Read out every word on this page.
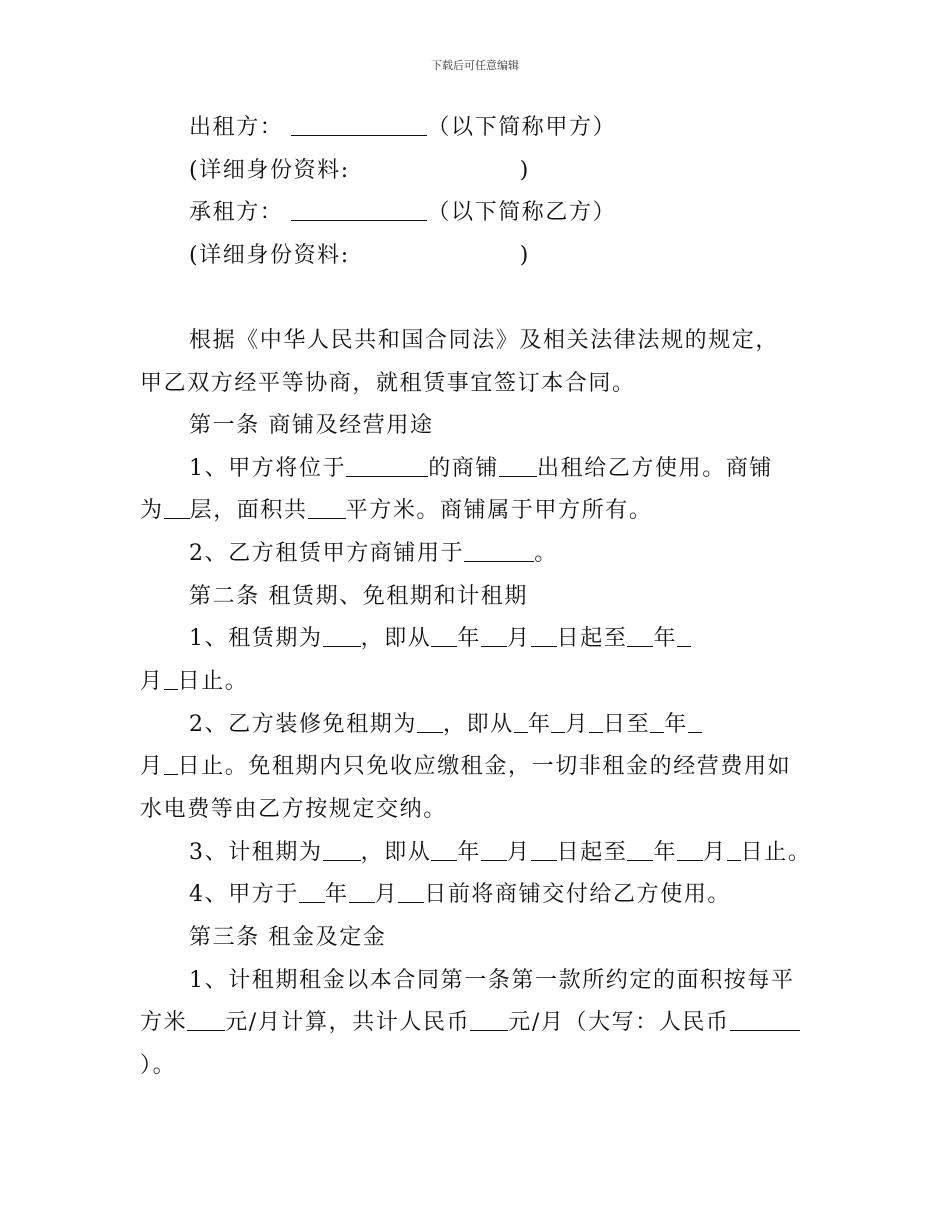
下载后可任意编辑
出租方：	（以下简称甲方）
(详细身份资料:	)
承租方：	（以下简称乙方）
(详细身份资料:	)
根据《中华人民共和国合同法》及相关法律法规的规定，
甲乙双方经平等协商，就租赁事宜签订本合同。
第一条 商铺及经营用途
1、甲方将位于	的商铺 出租给乙方使用。商铺
为 层，面积共 平方米。商铺属于甲方所有。
2、乙方租赁甲方商铺用于	。
第二条 租赁期、免租期和计租期
1、租赁期为 ，即从 年 月 日起至 年
月 日止。
2、乙方装修免租期为 ，即从 年 月 日至 年
月 日止。免租期内只免收应缴租金，一切非租金的经营费用如
水电费等由乙方按规定交纳。
3、计租期为 ，即从 年 月 日起至 年 月 日止。
4、甲方于 年 月 日前将商铺交付给乙方使用。
第三条 租金及定金
1、计租期租金以本合同第一条第一款所约定的面积按每平
方米 元/月计算，共计人民币 元/月（大写：人民币
）。
